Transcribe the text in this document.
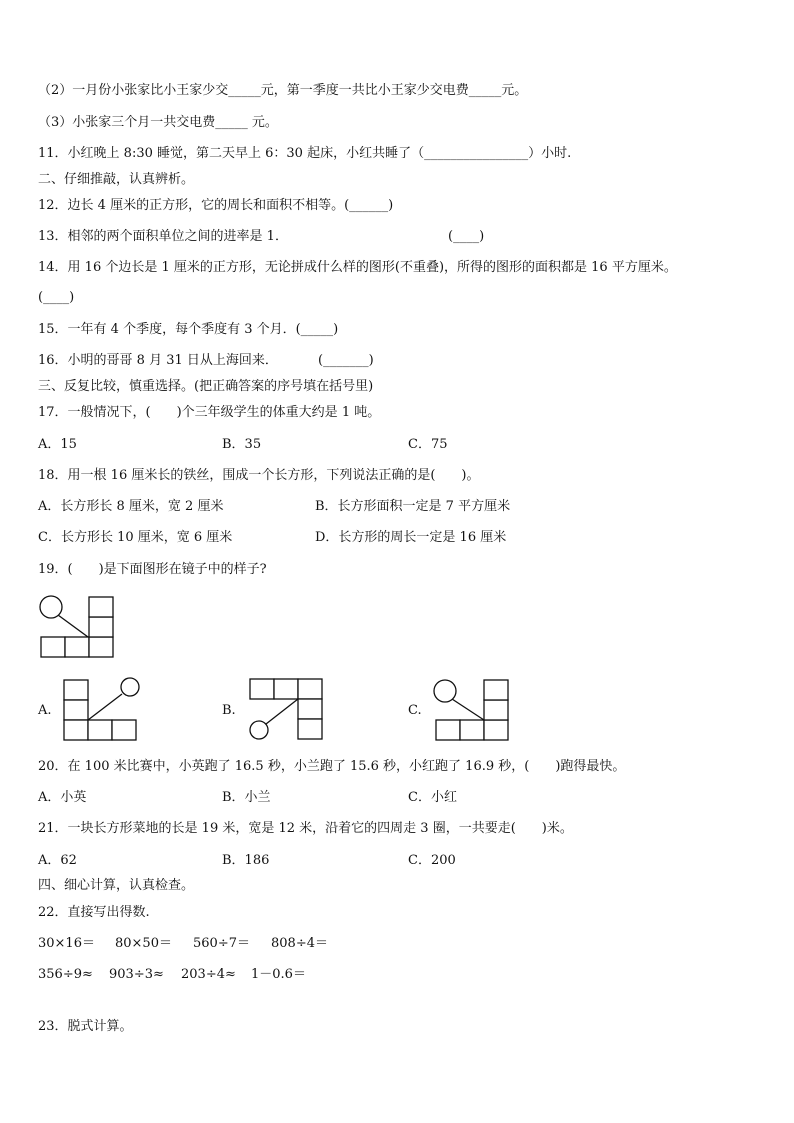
（2）一月份小张家比小王家少交_____元，第一季度一共比小王家少交电费_____元。
（3）小张家三个月一共交电费_____ 元。
11．小红晚上 8:30 睡觉，第二天早上 6：30 起床，小红共睡了（________________）小时.
二、仔细推敲，认真辨析。
12．边长 4 厘米的正方形，它的周长和面积不相等。(______)
13．相邻的两个面积单位之间的进率是 1．	(____)
14．用 16 个边长是 1 厘米的正方形，无论拼成什么样的图形(不重叠)，所得的图形的面积都是 16 平方厘米。
(____)
15．一年有 4 个季度，每个季度有 3 个月．(_____)
16．小明的哥哥 8 月 31 日从上海回来．	(_______)
三、反复比较，慎重选择。(把正确答案的序号填在括号里)
17．一般情况下，(　　)个三年级学生的体重大约是 1 吨。
A．15	B．35	C．75
18．用一根 16 厘米长的铁丝，围成一个长方形，下列说法正确的是(　　)。
A．长方形长 8 厘米，宽 2 厘米	B．长方形面积一定是 7 平方厘米
C．长方形长 10 厘米，宽 6 厘米	D．长方形的周长一定是 16 厘米
19．(　　)是下面图形在镜子中的样子?
A.	B.	C.
20．在 100 米比赛中，小英跑了 16.5 秒，小兰跑了 15.6 秒，小红跑了 16.9 秒，(　　)跑得最快。
A．小英	B．小兰	C．小红
21．一块长方形菜地的长是 19 米，宽是 12 米，沿着它的四周走 3 圈，一共要走(　　)米。
A．62	B．186	C．200
四、细心计算，认真检查。
22．直接写出得数.
30×16＝ 80×50＝ 560÷7＝ 808÷4＝
356÷9≈ 903÷3≈ 203÷4≈ 1－0.6＝
23．脱式计算。
